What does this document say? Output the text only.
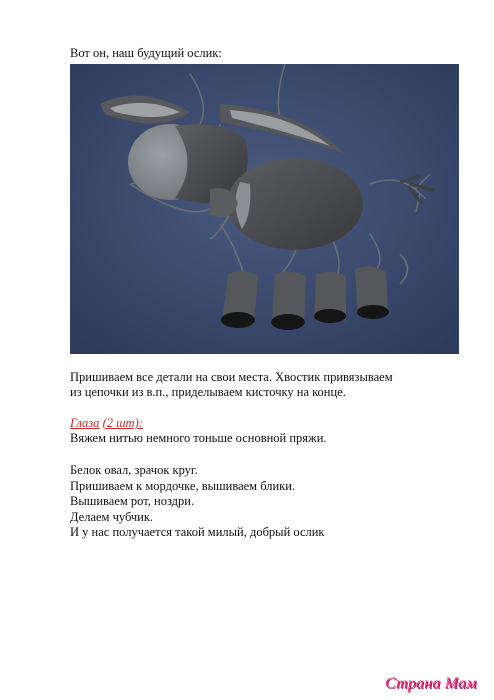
Вот он, наш будущий ослик:
Пришиваем все детали на свои места. Хвостик привязываем из цепочки из в.п., приделываем кисточку на конце.
Глаза (2 шт):
Вяжем нитью немного тоньше основной пряжи.
Белок овал, зрачок круг.
Пришиваем к мордочке, вышиваем блики.
Вышиваем рот, ноздри.
Делаем чубчик.
И у нас получается такой милый, добрый ослик
Страна Мам
